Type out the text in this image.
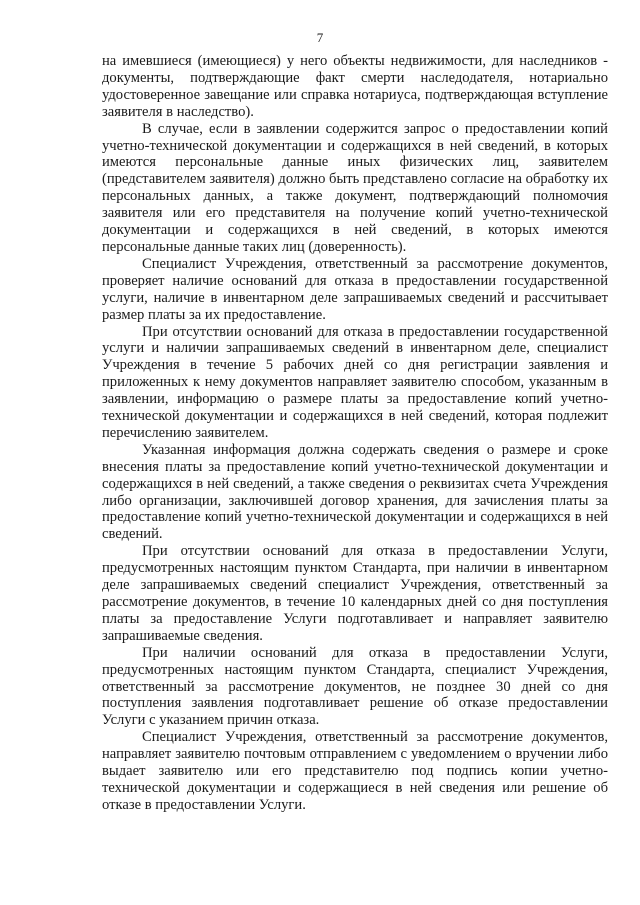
7

на имевшиеся (имеющиеся) у него объекты недвижимости, для наследников - документы, подтверждающие факт смерти наследодателя, нотариально удостоверенное завещание или справка нотариуса, подтверждающая вступление заявителя в наследство).

В случае, если в заявлении содержится запрос о предоставлении копий учетно-технической документации и содержащихся в ней сведений, в которых имеются персональные данные иных физических лиц, заявителем (представителем заявителя) должно быть представлено согласие на обработку их персональных данных, а также документ, подтверждающий полномочия заявителя или его представителя на получение копий учетно-технической документации и содержащихся в ней сведений, в которых имеются персональные данные таких лиц (доверенность).

Специалист Учреждения, ответственный за рассмотрение документов, проверяет наличие оснований для отказа в предоставлении государственной услуги, наличие в инвентарном деле запрашиваемых сведений и рассчитывает размер платы за их предоставление.

При отсутствии оснований для отказа в предоставлении государственной услуги и наличии запрашиваемых сведений в инвентарном деле, специалист Учреждения в течение 5 рабочих дней со дня регистрации заявления и приложенных к нему документов направляет заявителю способом, указанным в заявлении, информацию о размере платы за предоставление копий учетно-технической документации и содержащихся в ней сведений, которая подлежит перечислению заявителем.

Указанная информация должна содержать сведения о размере и сроке внесения платы за предоставление копий учетно-технической документации и содержащихся в ней сведений, а также сведения о реквизитах счета Учреждения либо организации, заключившей договор хранения, для зачисления платы за предоставление копий учетно-технической документации и содержащихся в ней сведений.

При отсутствии оснований для отказа в предоставлении Услуги, предусмотренных настоящим пунктом Стандарта, при наличии в инвентарном деле запрашиваемых сведений специалист Учреждения, ответственный за рассмотрение документов, в течение 10 календарных дней со дня поступления платы за предоставление Услуги подготавливает и направляет заявителю запрашиваемые сведения.

При наличии оснований для отказа в предоставлении Услуги, предусмотренных настоящим пунктом Стандарта, специалист Учреждения, ответственный за рассмотрение документов, не позднее 30 дней со дня поступления заявления подготавливает решение об отказе предоставлении Услуги с указанием причин отказа.

Специалист Учреждения, ответственный за рассмотрение документов, направляет заявителю почтовым отправлением с уведомлением о вручении либо выдает заявителю или его представителю под подпись копии учетно-технической документации и содержащиеся в ней сведения или решение об отказе в предоставлении Услуги.
